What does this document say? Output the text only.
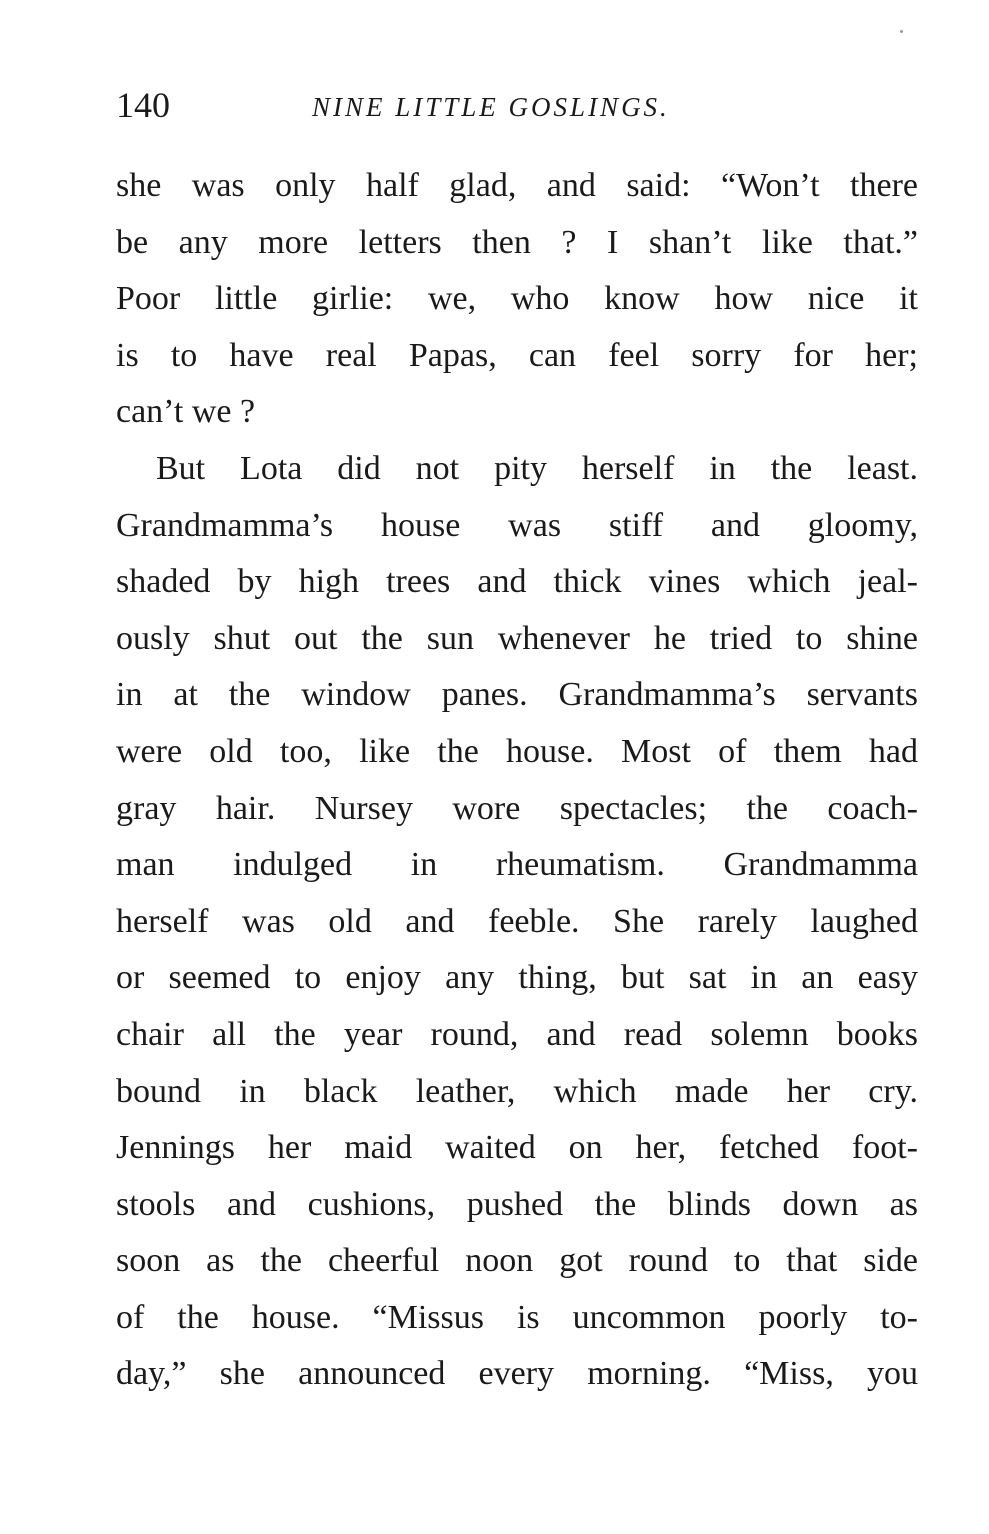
140	NINE LITTLE GOSLINGS.
she was only half glad, and said: “Won’t there
be any more letters then ? I shan’t like that.”
Poor little girlie: we, who know how nice it
is to have real Papas, can feel sorry for her;
can’t we ?
But Lota did not pity herself in the least.
Grandmamma’s house was stiff and gloomy,
shaded by high trees and thick vines which jeal-
ously shut out the sun whenever he tried to shine
in at the window panes. Grandmamma’s servants
were old too, like the house. Most of them had
gray hair. Nursey wore spectacles; the coach-
man indulged in rheumatism. Grandmamma
herself was old and feeble. She rarely laughed
or seemed to enjoy any thing, but sat in an easy
chair all the year round, and read solemn books
bound in black leather, which made her cry.
Jennings her maid waited on her, fetched foot-
stools and cushions, pushed the blinds down as
soon as the cheerful noon got round to that side
of the house. “Missus is uncommon poorly to-
day,” she announced every morning. “Miss, you
